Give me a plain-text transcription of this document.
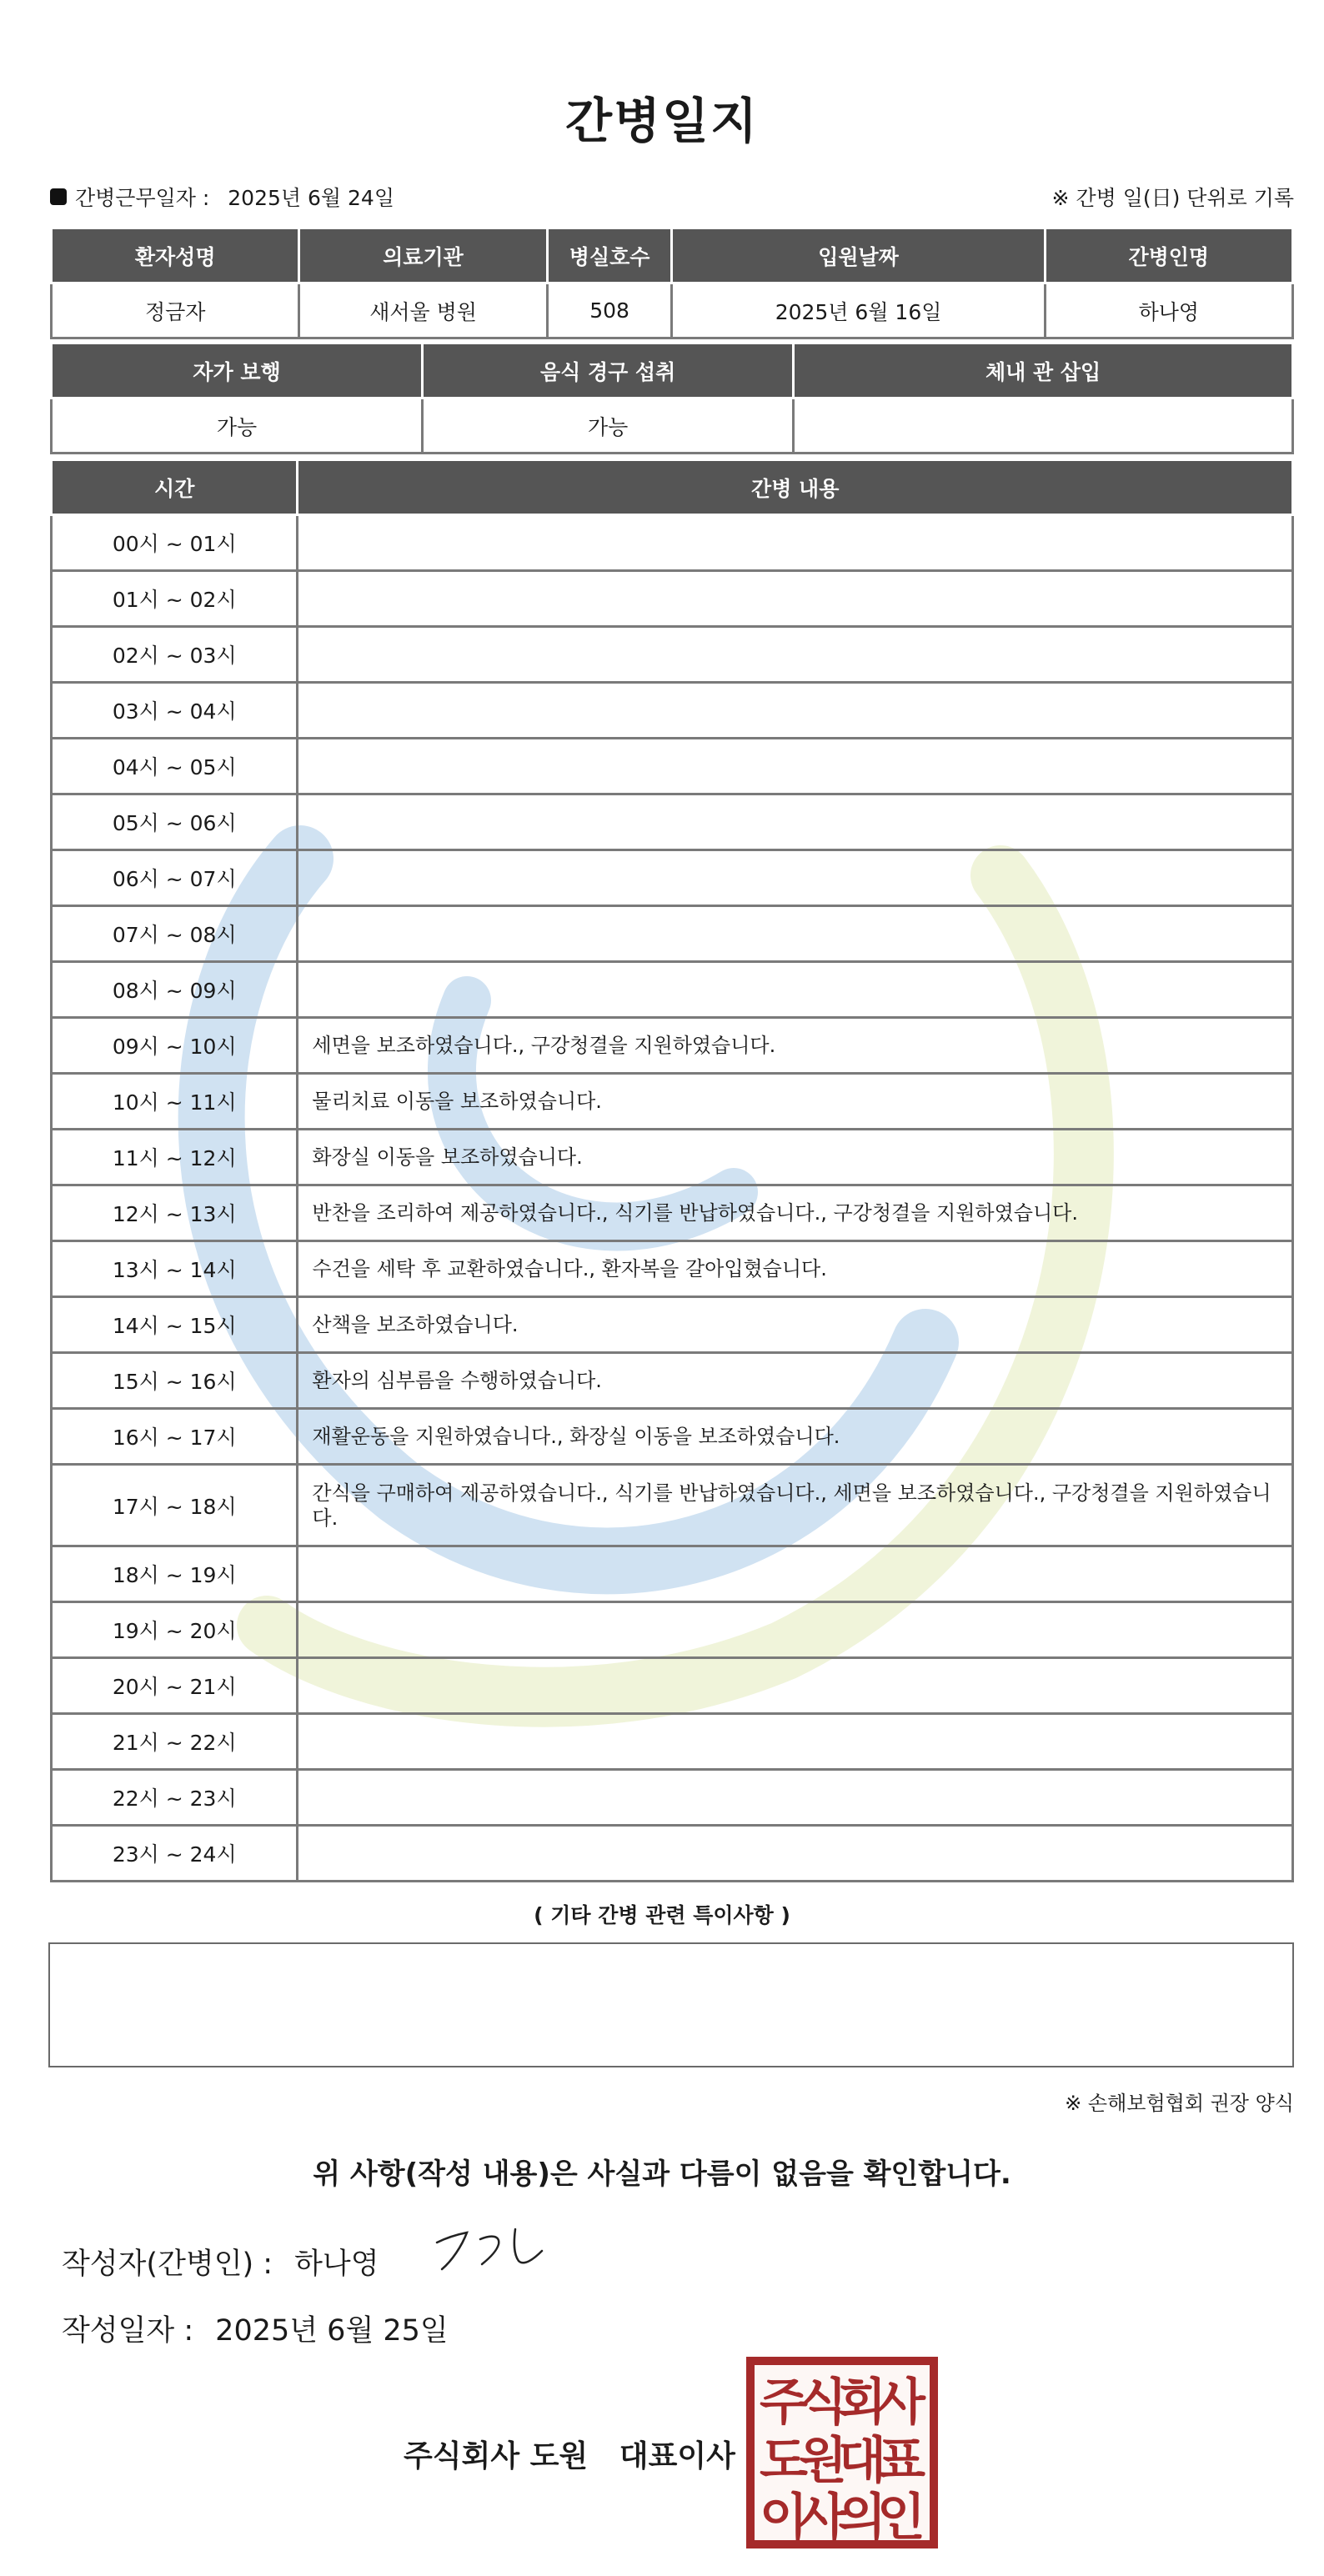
간병일지
간병근무일자 : 2025년 6월 24일	※ 간병 일(日) 단위로 기록
환자성명	의료기관	병실호수	입원날짜	간병인명
정금자	새서울 병원	508	2025년 6월 16일	하나영
자가 보행	음식 경구 섭취	체내 관 삽입
가능	가능	
시간	간병 내용
00시 ~ 01시	
01시 ~ 02시	
02시 ~ 03시	
03시 ~ 04시	
04시 ~ 05시	
05시 ~ 06시	
06시 ~ 07시	
07시 ~ 08시	
08시 ~ 09시	
09시 ~ 10시	세면을 보조하였습니다., 구강청결을 지원하였습니다.
10시 ~ 11시	물리치료 이동을 보조하였습니다.
11시 ~ 12시	화장실 이동을 보조하였습니다.
12시 ~ 13시	반찬을 조리하여 제공하였습니다., 식기를 반납하였습니다., 구강청결을 지원하였습니다.
13시 ~ 14시	수건을 세탁 후 교환하였습니다., 환자복을 갈아입혔습니다.
14시 ~ 15시	산책을 보조하였습니다.
15시 ~ 16시	환자의 심부름을 수행하였습니다.
16시 ~ 17시	재활운동을 지원하였습니다., 화장실 이동을 보조하였습니다.
17시 ~ 18시	간식을 구매하여 제공하였습니다., 식기를 반납하였습니다., 세면을 보조하였습니다., 구강청결을 지원하였습니다.
18시 ~ 19시	
19시 ~ 20시	
20시 ~ 21시	
21시 ~ 22시	
22시 ~ 23시	
23시 ~ 24시	
( 기타 간병 관련 특이사항 )
※ 손해보험협회 권장 양식
위 사항(작성 내용)은 사실과 다름이 없음을 확인합니다.
작성자(간병인) : 하나영
작성일자 : 2025년 6월 25일
주식회사 도원   대표이사
주
식
회
사
도
원
대
표
이
사
의
인
